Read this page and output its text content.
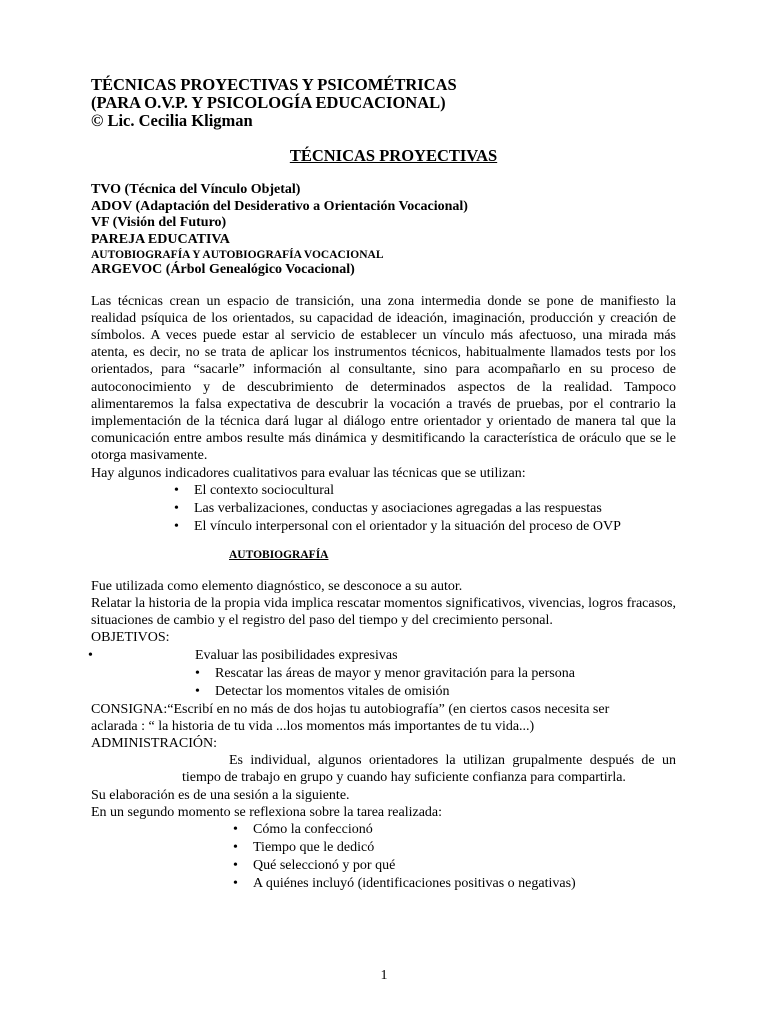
TÉCNICAS PROYECTIVAS Y PSICOMÉTRICAS

(PARA O.V.P. Y PSICOLOGÍA EDUCACIONAL)

© Lic. Cecilia Kligman

TÉCNICAS PROYECTIVAS
TVO (Técnica del Vínculo Objetal)
ADOV (Adaptación del Desiderativo a Orientación Vocacional)
VF (Visión del Futuro)
PAREJA EDUCATIVA
AUTOBIOGRAFÍA Y AUTOBIOGRAFÍA VOCACIONAL
ARGEVOC (Árbol Genealógico Vocacional)

Las técnicas crean un espacio de transición, una zona intermedia donde se pone de manifiesto la realidad psíquica de los orientados, su capacidad de ideación, imaginación, producción y creación de símbolos. A veces puede estar al servicio de establecer un vínculo más afectuoso, una mirada más atenta, es decir, no se trata de aplicar los instrumentos técnicos, habitualmente llamados tests por los orientados, para “sacarle” información al consultante, sino para acompañarlo en su proceso de autoconocimiento y de descubrimiento de determinados aspectos de la realidad. Tampoco alimentaremos la falsa expectativa de descubrir la vocación a través de pruebas, por el contrario la implementación de la técnica dará lugar al diálogo entre orientador y orientado de manera tal que la comunicación entre ambos resulte más dinámica y desmitificando la característica de oráculo que se le otorga masivamente.

Hay algunos indicadores cualitativos para evaluar las técnicas que se utilizan:

• El contexto sociocultural
• Las verbalizaciones, conductas y asociaciones agregadas a las respuestas
• El vínculo interpersonal con el orientador y la situación del proceso de OVP
AUTOBIOGRAFÍA

Fue utilizada como elemento diagnóstico, se desconoce a su autor.

Relatar la historia de la propia vida implica rescatar momentos significativos, vivencias, logros fracasos, situaciones de cambio y el registro del paso del tiempo y del crecimiento personal.

OBJETIVOS:

•	Evaluar las posibilidades expresivas
• Rescatar las áreas de mayor y menor gravitación para la persona
• Detectar los momentos vitales de omisión

CONSIGNA:“Escribí en no más de dos hojas tu autobiografía” (en ciertos casos necesita ser

aclarada : “ la historia de tu vida ...los momentos más importantes de tu vida...)

ADMINISTRACIÓN:

Es individual, algunos orientadores la utilizan grupalmente después de un tiempo de trabajo en grupo y cuando hay suficiente confianza para compartirla.

Su elaboración es de una sesión a la siguiente.

En un segundo momento se reflexiona sobre la tarea realizada:

• Cómo la confeccionó
• Tiempo que le dedicó
• Qué seleccionó y por qué
• A quiénes incluyó (identificaciones positivas o negativas)
1
